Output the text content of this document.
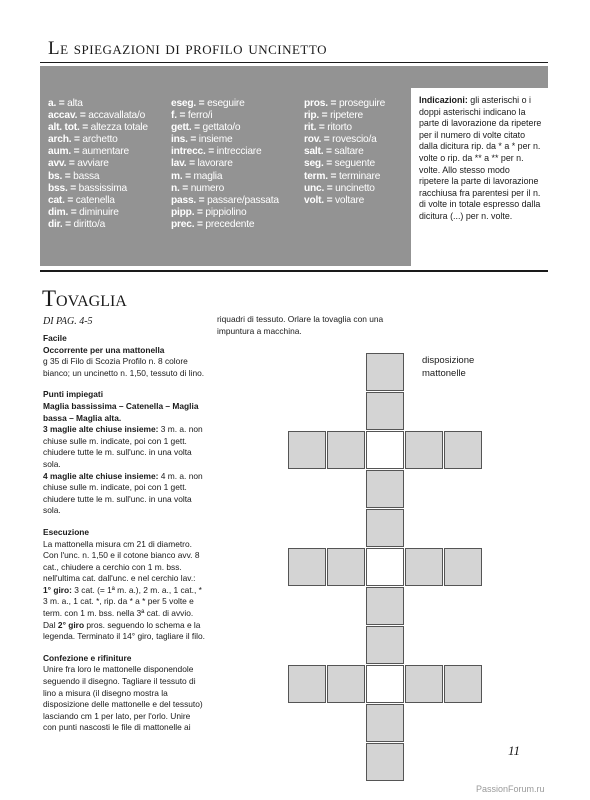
Le spiegazioni di profilo uncinetto
a. = alta
accav. = accavallata/o
alt. tot. = altezza totale
arch. = archetto
aum. = aumentare
avv. = avviare
bs. = bassa
bss. = bassissima
cat. = catenella
dim. = diminuire
dir. = diritto/a
eseg. = eseguire
f. = ferro/i
gett. = gettato/o
ins. = insieme
intrecc. = intrecciare
lav. = lavorare
m. = maglia
n. = numero
pass. = passare/passata
pipp. = pippiolino
prec. = precedente
pros. = proseguire
rip. = ripetere
rit. = ritorto
rov. = rovescio/a
salt. = saltare
seg. = seguente
term. = terminare
unc. = uncinetto
volt. = voltare
Indicazioni: gli asterischi o i doppi asterischi indicano la parte di lavorazione da ripetere per il numero di volte citato dalla dicitura rip. da * a * per n. volte o rip. da ** a ** per n. volte. Allo stesso modo ripetere la parte di lavorazione racchiusa fra parentesi per il n. di volte in totale espresso dalla dicitura (...) per n. volte.
Tovaglia
DI PAG. 4-5

Facile

Occorrente per una mattonella

g 35 di Filo di Scozia Profilo n. 8 colore bianco; un uncinetto n. 1,50, tessuto di lino.

Punti impiegati

Maglia bassissima – Catenella – Maglia bassa – Maglia alta.

3 maglie alte chiuse insieme: 3 m. a. non chiuse sulle m. indicate, poi con 1 gett. chiudere tutte le m. sull'unc. in una volta sola.

4 maglie alte chiuse insieme: 4 m. a. non chiuse sulle m. indicate, poi con 1 gett. chiudere tutte le m. sull'unc. in una volta sola.

Esecuzione

La mattonella misura cm 21 di diametro. Con l'unc. n. 1,50 e il cotone bianco avv. 8 cat., chiudere a cerchio con 1 m. bss. nell'ultima cat. dall'unc. e nel cerchio lav.: 1° giro: 3 cat. (= 1ª m. a.), 2 m. a., 1 cat., * 3 m. a., 1 cat. *, rip. da * a * per 5 volte e term. con 1 m. bss. nella 3ª cat. di avvio. Dal 2° giro pros. seguendo lo schema e la legenda. Terminato il 14° giro, tagliare il filo.

Confezione e rifiniture

Unire fra loro le mattonelle disponendole seguendo il disegno. Tagliare il tessuto di lino a misura (il disegno mostra la disposizione delle mattonelle e del tessuto) lasciando cm 1 per lato, per l'orlo. Unire con punti nascosti le file di mattonelle ai

riquadri di tessuto. Orlare la tovaglia con una impuntura a macchina.
disposizione mattonelle
11
PassionForum.ru
